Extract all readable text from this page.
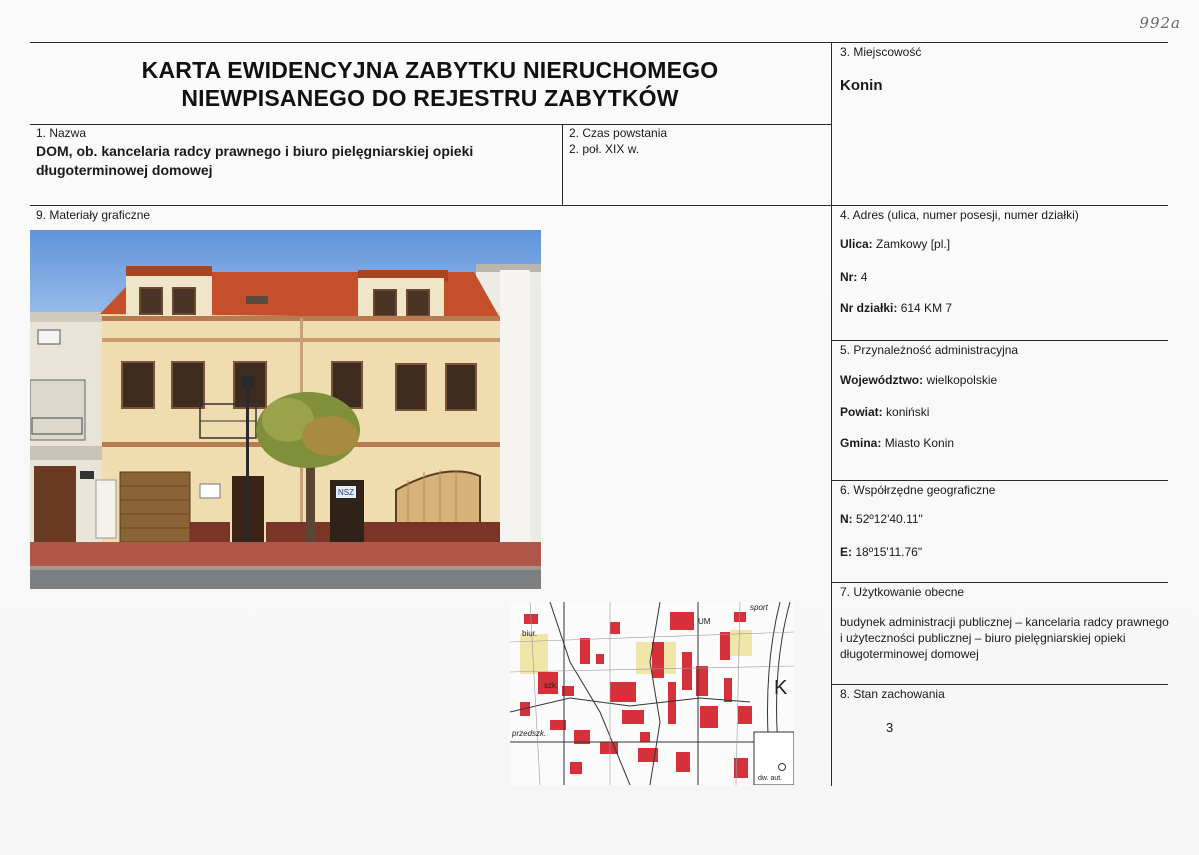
992a
KARTA EWIDENCYJNA ZABYTKU NIERUCHOMEGO
NIEWPISANEGO DO REJESTRU ZABYTKÓW
3. Miejscowość
Konin
1. Nazwa
DOM, ob. kancelaria radcy prawnego i biuro pielęgniarskiej opieki
długoterminowej domowej
2. Czas powstania
2. poł. XIX w.
9. Materiały graficzne	4. Adres (ulica, numer posesji, numer działki)
Ulica: Zamkowy [pl.]
Nr: 4
Nr działki: 614 KM 7
5. Przynależność administracyjna
Województwo: wielkopolskie
Powiat: koniński
Gmina: Miasto Konin
6. Współrzędne geograficzne
N: 52º12'40.11"
E: 18º15'11.76"
7. Użytkowanie obecne
budynek administracji publicznej – kancelaria radcy prawnego
i użyteczności publicznej – biuro pielęgniarskiej opieki
długoterminowej domowej
8. Stan zachowania
3
NSZ
K
sport
biur.
szk.
przedszk.
dw. aut.
UM
